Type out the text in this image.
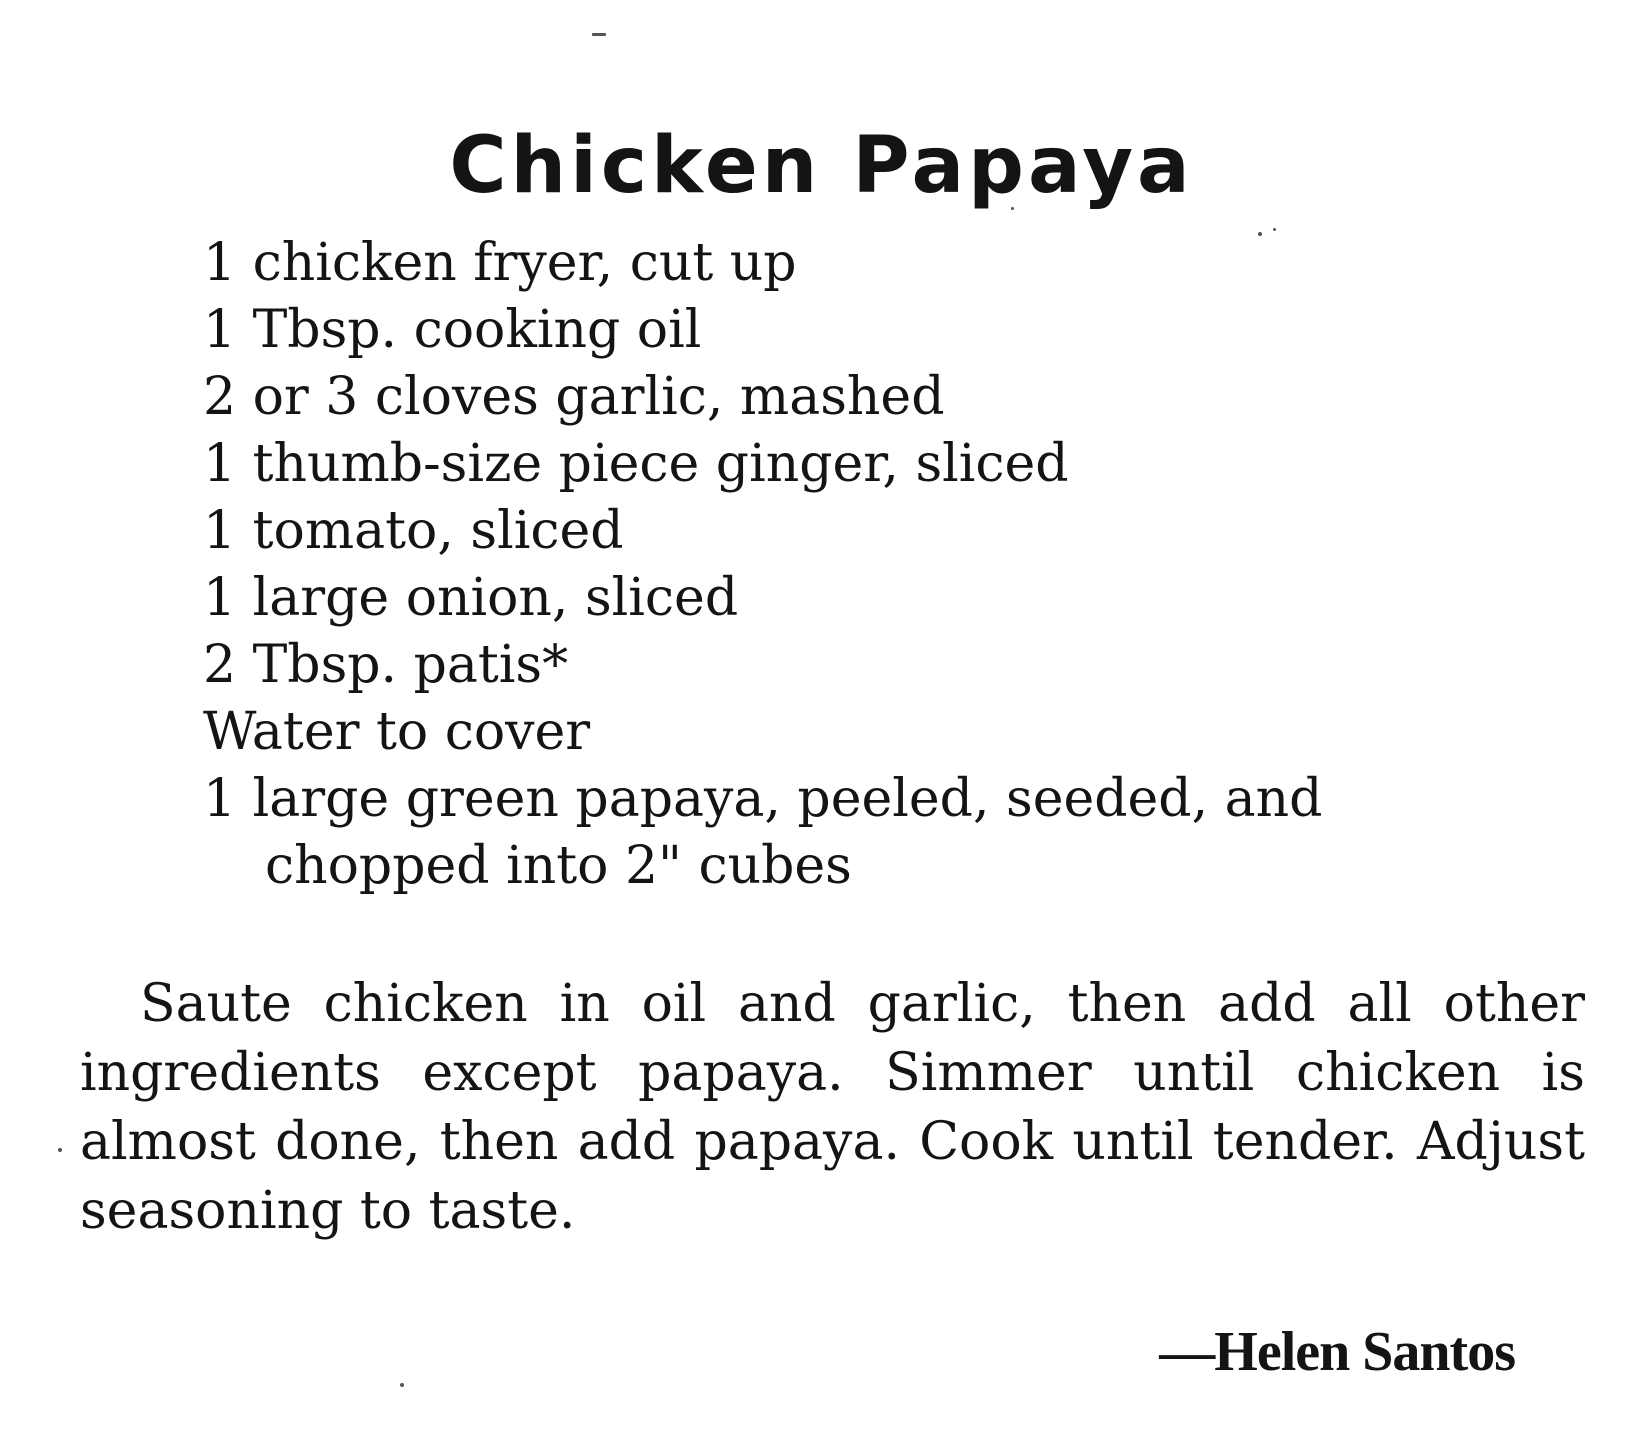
Chicken Papaya
1 chicken fryer, cut up
1 Tbsp. cooking oil
2 or 3 cloves garlic, mashed
1 thumb-size piece ginger, sliced
1 tomato, sliced
1 large onion, sliced
2 Tbsp. patis*
Water to cover
1 large green papaya, peeled, seeded, and
chopped into 2" cubes

Saute chicken in oil and garlic, then add all other ingredients except papaya. Simmer until chicken is almost done, then add papaya. Cook until tender. Adjust seasoning to taste.

—Helen Santos
